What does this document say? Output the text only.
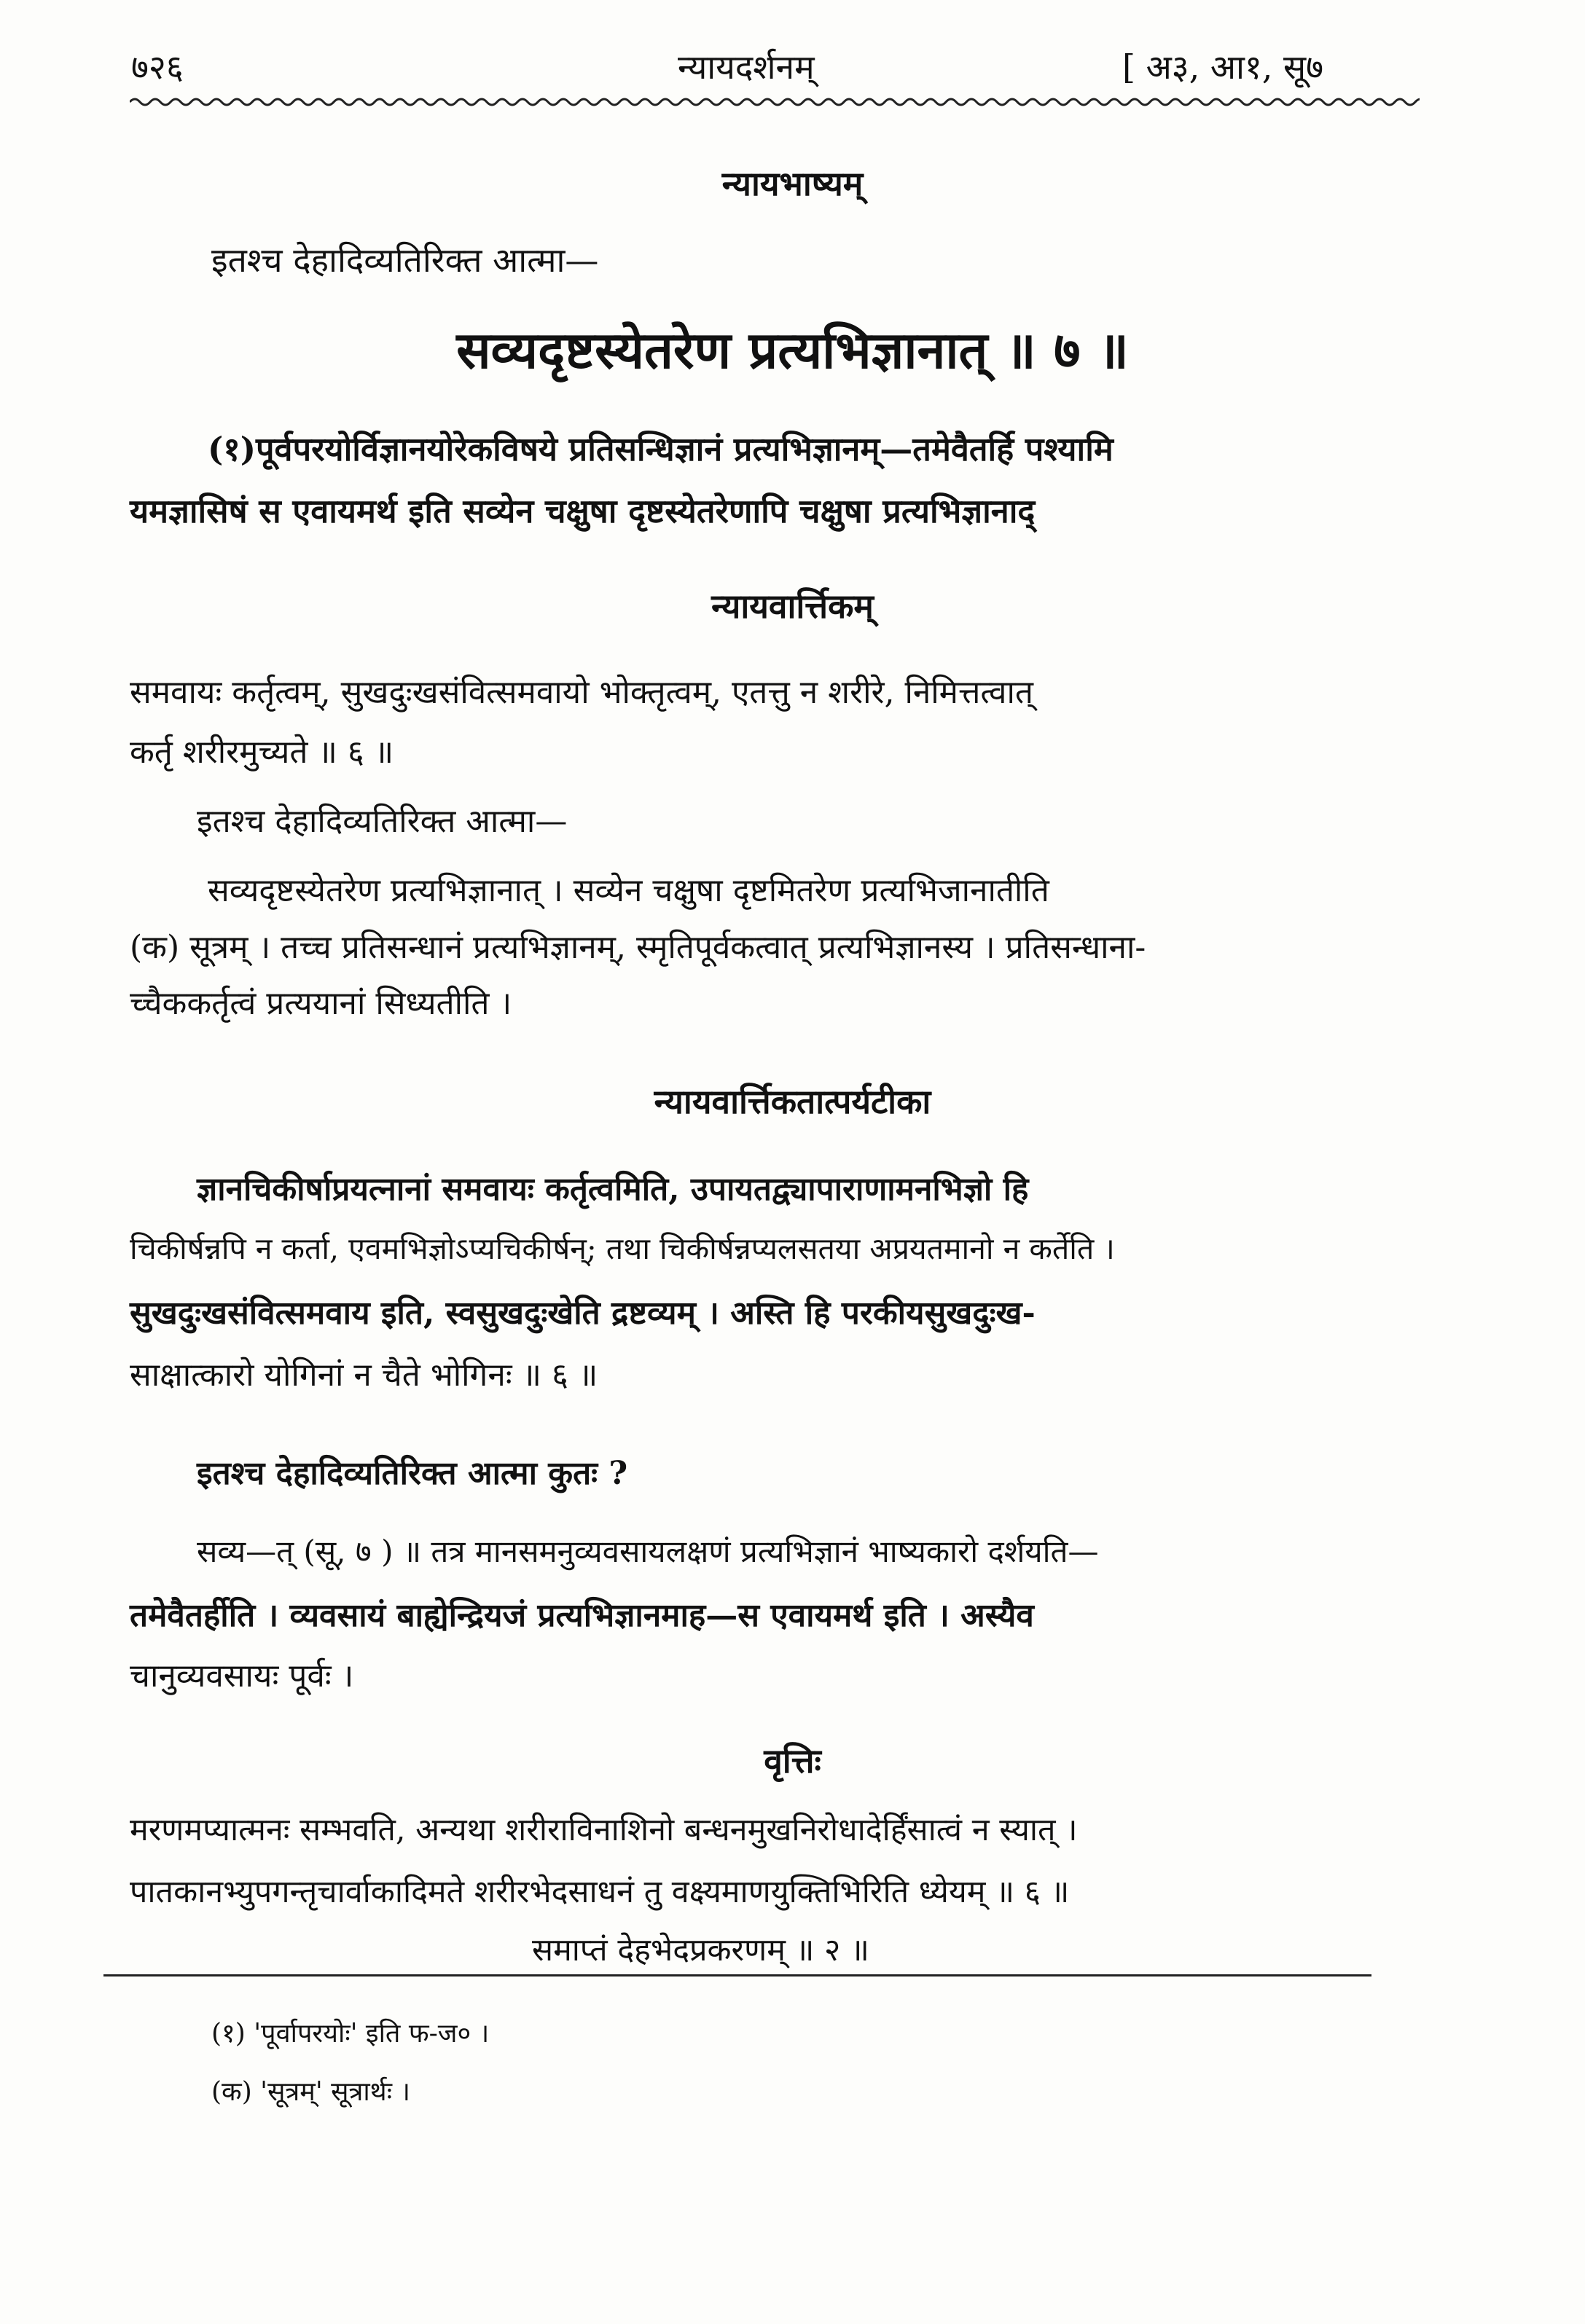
७२६	न्यायदर्शनम्	[ अ३, आ१, सू७
न्यायभाष्यम्
इतश्च देहादिव्यतिरिक्त आत्मा—
सव्यदृष्टस्येतरेण प्रत्यभिज्ञानात् ॥ ७ ॥
(१)पूर्वपरयोर्विज्ञानयोरेकविषये प्रतिसन्धिज्ञानं प्रत्यभिज्ञानम्—तमेवैतर्हि पश्यामि
यमज्ञासिषं स एवायमर्थ इति सव्येन चक्षुषा दृष्टस्येतरेणापि चक्षुषा प्रत्यभिज्ञानाद्
न्यायवार्त्तिकम्
समवायः कर्तृत्वम्, सुखदुःखसंवित्समवायो भोक्तृत्वम्, एतत्तु न शरीरे, निमित्तत्वात्
कर्तृ शरीरमुच्यते ॥ ६ ॥
इतश्च देहादिव्यतिरिक्त आत्मा—
सव्यदृष्टस्येतरेण प्रत्यभिज्ञानात् । सव्येन चक्षुषा दृष्टमितरेण प्रत्यभिजानातीति
(क) सूत्रम् । तच्च प्रतिसन्धानं प्रत्यभिज्ञानम्, स्मृतिपूर्वकत्वात् प्रत्यभिज्ञानस्य । प्रतिसन्धाना-
च्चैककर्तृत्वं प्रत्ययानां सिध्यतीति ।
न्यायवार्त्तिकतात्पर्यटीका
ज्ञानचिकीर्षाप्रयत्नानां समवायः कर्तृत्वमिति, उपायतद्व्यापाराणामनभिज्ञो हि
चिकीर्षन्नपि न कर्ता, एवमभिज्ञोऽप्यचिकीर्षन्; तथा चिकीर्षन्नप्यलसतया अप्रयतमानो न कर्तेति ।
सुखदुःखसंवित्समवाय इति, स्वसुखदुःखेति द्रष्टव्यम् । अस्ति हि परकीयसुखदुःख-
साक्षात्कारो योगिनां न चैते भोगिनः ॥ ६ ॥
इतश्च देहादिव्यतिरिक्त आत्मा कुतः ?
सव्य—त् (सू, ७ ) ॥ तत्र मानसमनुव्यवसायलक्षणं प्रत्यभिज्ञानं भाष्यकारो दर्शयति—
तमेवैतर्हीति । व्यवसायं बाह्येन्द्रियजं प्रत्यभिज्ञानमाह—स एवायमर्थ इति । अस्यैव
चानुव्यवसायः पूर्वः ।
वृत्तिः
मरणमप्यात्मनः सम्भवति, अन्यथा शरीराविनाशिनो बन्धनमुखनिरोधादेर्हिंसात्वं न स्यात् ।
पातकानभ्युपगन्तृचार्वाकादिमते शरीरभेदसाधनं तु वक्ष्यमाणयुक्तिभिरिति ध्येयम् ॥ ६ ॥
समाप्तं देहभेदप्रकरणम् ॥ २ ॥
(१) 'पूर्वापरयोः' इति फ-ज० ।
(क) 'सूत्रम्' सूत्रार्थः ।
